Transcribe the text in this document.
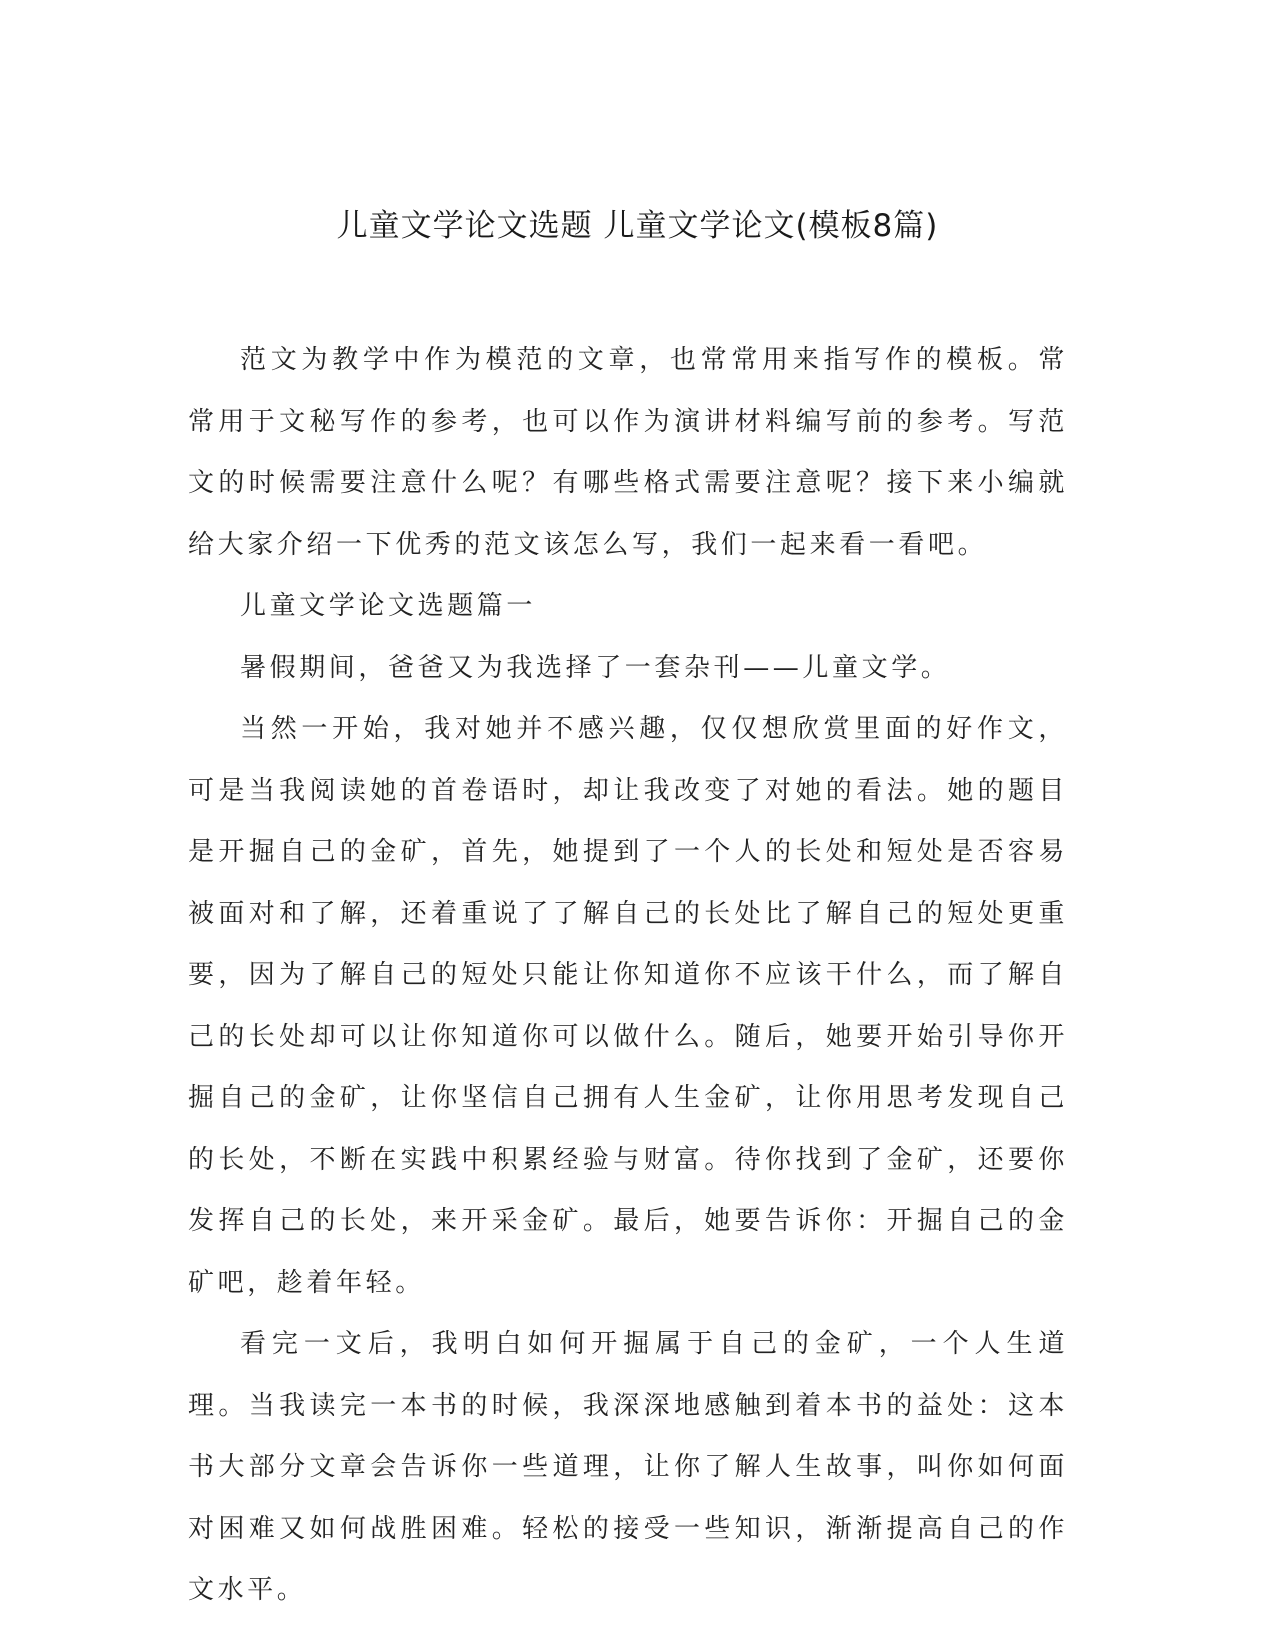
儿童文学论文选题 儿童文学论文(模板8篇)

范文为教学中作为模范的文章，也常常用来指写作的模板。常常用于文秘写作的参考，也可以作为演讲材料编写前的参考。写范文的时候需要注意什么呢？有哪些格式需要注意呢？接下来小编就给大家介绍一下优秀的范文该怎么写，我们一起来看一看吧。

儿童文学论文选题篇一

暑假期间，爸爸又为我选择了一套杂刊——儿童文学。

当然一开始，我对她并不感兴趣，仅仅想欣赏里面的好作文，可是当我阅读她的首卷语时，却让我改变了对她的看法。她的题目是开掘自己的金矿，首先，她提到了一个人的长处和短处是否容易被面对和了解，还着重说了了解自己的长处比了解自己的短处更重要，因为了解自己的短处只能让你知道你不应该干什么，而了解自己的长处却可以让你知道你可以做什么。随后，她要开始引导你开掘自己的金矿，让你坚信自己拥有人生金矿，让你用思考发现自己的长处，不断在实践中积累经验与财富。待你找到了金矿，还要你发挥自己的长处，来开采金矿。最后，她要告诉你：开掘自己的金矿吧，趁着年轻。

看完一文后，我明白如何开掘属于自己的金矿，一个人生道理。当我读完一本书的时候，我深深地感触到着本书的益处：这本书大部分文章会告诉你一些道理，让你了解人生故事，叫你如何面对困难又如何战胜困难。轻松的接受一些知识，渐渐提高自己的作文水平。
